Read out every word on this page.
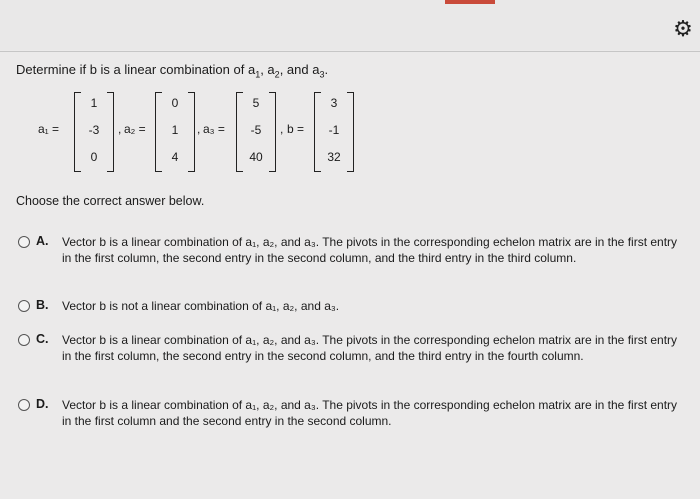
⚙
Determine if b is a linear combination of $a_1$, $a_2$, and $a_3$.
a₁ =
1
-3
0
, a₂ =
0
1
4
, a₃ =
5
-5
40
, b =
3
-1
32
Choose the correct answer below.
A. Vector b is a linear combination of a₁, a₂, and a₃. The pivots in the corresponding echelon matrix are in the first entry in the first column, the second entry in the second column, and the third entry in the third column.
B. Vector b is not a linear combination of a₁, a₂, and a₃.
C. Vector b is a linear combination of a₁, a₂, and a₃. The pivots in the corresponding echelon matrix are in the first entry in the first column, the second entry in the second column, and the third entry in the fourth column.
D. Vector b is a linear combination of a₁, a₂, and a₃. The pivots in the corresponding echelon matrix are in the first entry in the first column and the second entry in the second column.
